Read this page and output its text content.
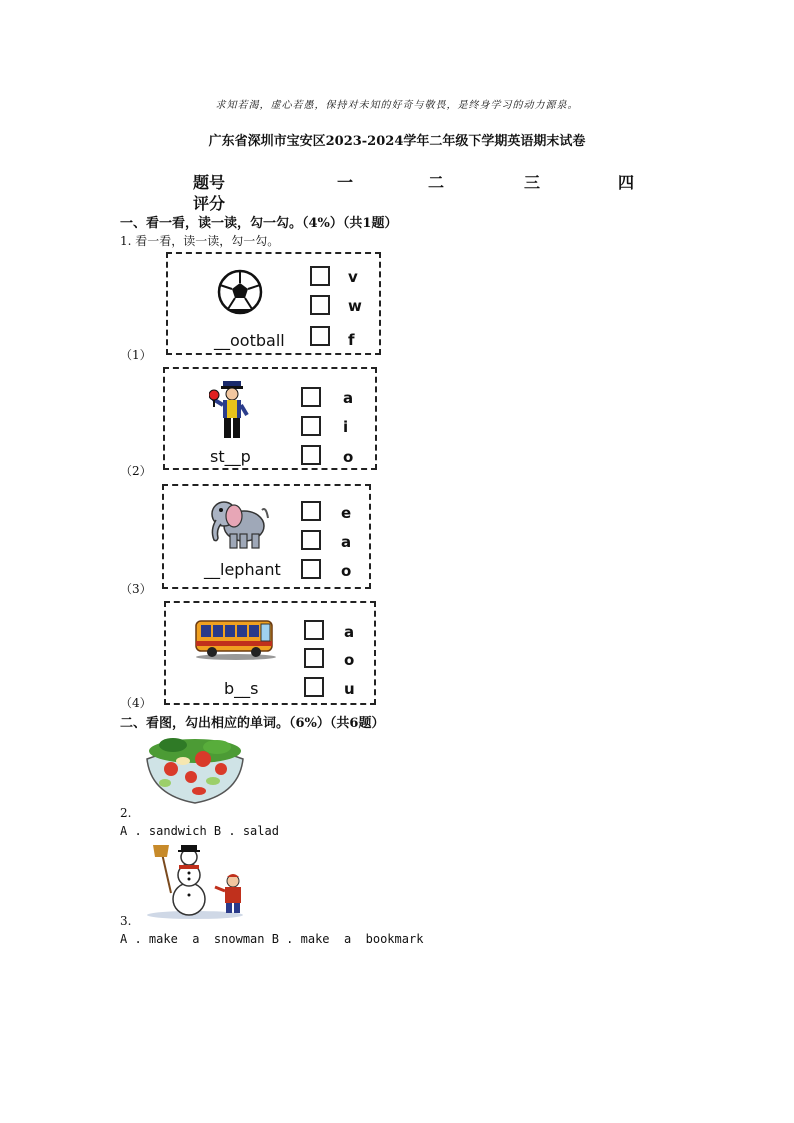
求知若渴，虚心若愚，保持对未知的好奇与敬畏，是终身学习的动力源泉。
广东省深圳市宝安区2023-2024学年二年级下学期英语期末试卷
题号	一	二	三	四
评分
一、看一看，读一读，勾一勾。（4%）（共1题）
1. 看一看，读一读，勾一勾。
__ootball
v
w
f
（1）
st__p
a
i
o
（2）
__lephant
e
a
o
（3）
b__s
a
o
u
（4）
二、看图，勾出相应的单词。（6%）（共6题）
2.
A . sandwich B . salad
3.
A . make  a  snowman B . make  a  bookmark
